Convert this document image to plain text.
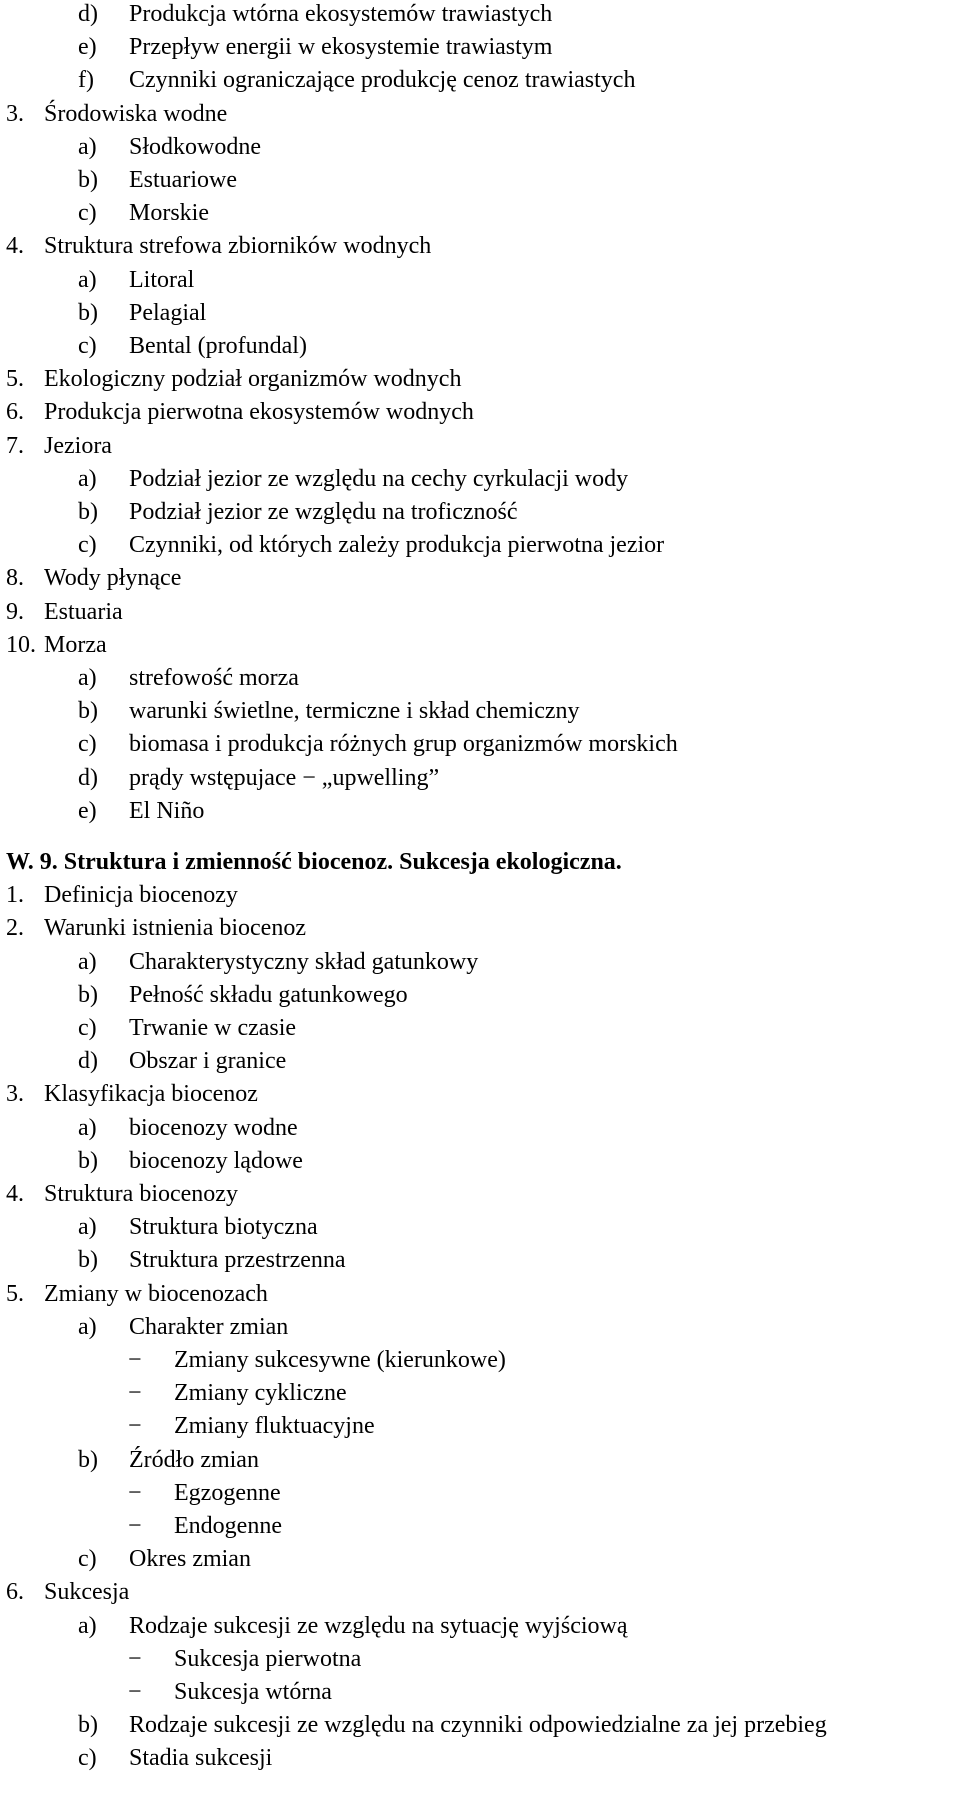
d) Produkcja wtórna ekosystemów trawiastych
e) Przepływ energii w ekosystemie trawiastym
f) Czynniki ograniczające produkcję cenoz trawiastych
3. Środowiska wodne
a) Słodkowodne
b) Estuariowe
c) Morskie
4. Struktura strefowa zbiorników wodnych
a) Litoral
b) Pelagial
c) Bental (profundal)
5. Ekologiczny podział organizmów wodnych
6. Produkcja pierwotna ekosystemów wodnych
7. Jeziora
a) Podział jezior ze względu na cechy cyrkulacji wody
b) Podział jezior ze względu na troficzność
c) Czynniki, od których zależy produkcja pierwotna jezior
8. Wody płynące
9. Estuaria
10. Morza
a) strefowość morza
b) warunki świetlne, termiczne i skład chemiczny
c) biomasa i produkcja różnych grup organizmów morskich
d) prądy wstępujace − „upwelling”
e) El Niño
W. 9. Struktura i zmienność biocenoz. Sukcesja ekologiczna.
1. Definicja biocenozy
2. Warunki istnienia biocenoz
a) Charakterystyczny skład gatunkowy
b) Pełność składu gatunkowego
c) Trwanie w czasie
d) Obszar i granice
3. Klasyfikacja biocenoz
a) biocenozy wodne
b) biocenozy lądowe
4. Struktura biocenozy
a) Struktura biotyczna
b) Struktura przestrzenna
5. Zmiany w biocenozach
a) Charakter zmian
− Zmiany sukcesywne (kierunkowe)
− Zmiany cykliczne
− Zmiany fluktuacyjne
b) Źródło zmian
− Egzogenne
− Endogenne
c) Okres zmian
6. Sukcesja
a) Rodzaje sukcesji ze względu na sytuację wyjściową
− Sukcesja pierwotna
− Sukcesja wtórna
b) Rodzaje sukcesji ze względu na czynniki odpowiedzialne za jej przebieg
c) Stadia sukcesji
